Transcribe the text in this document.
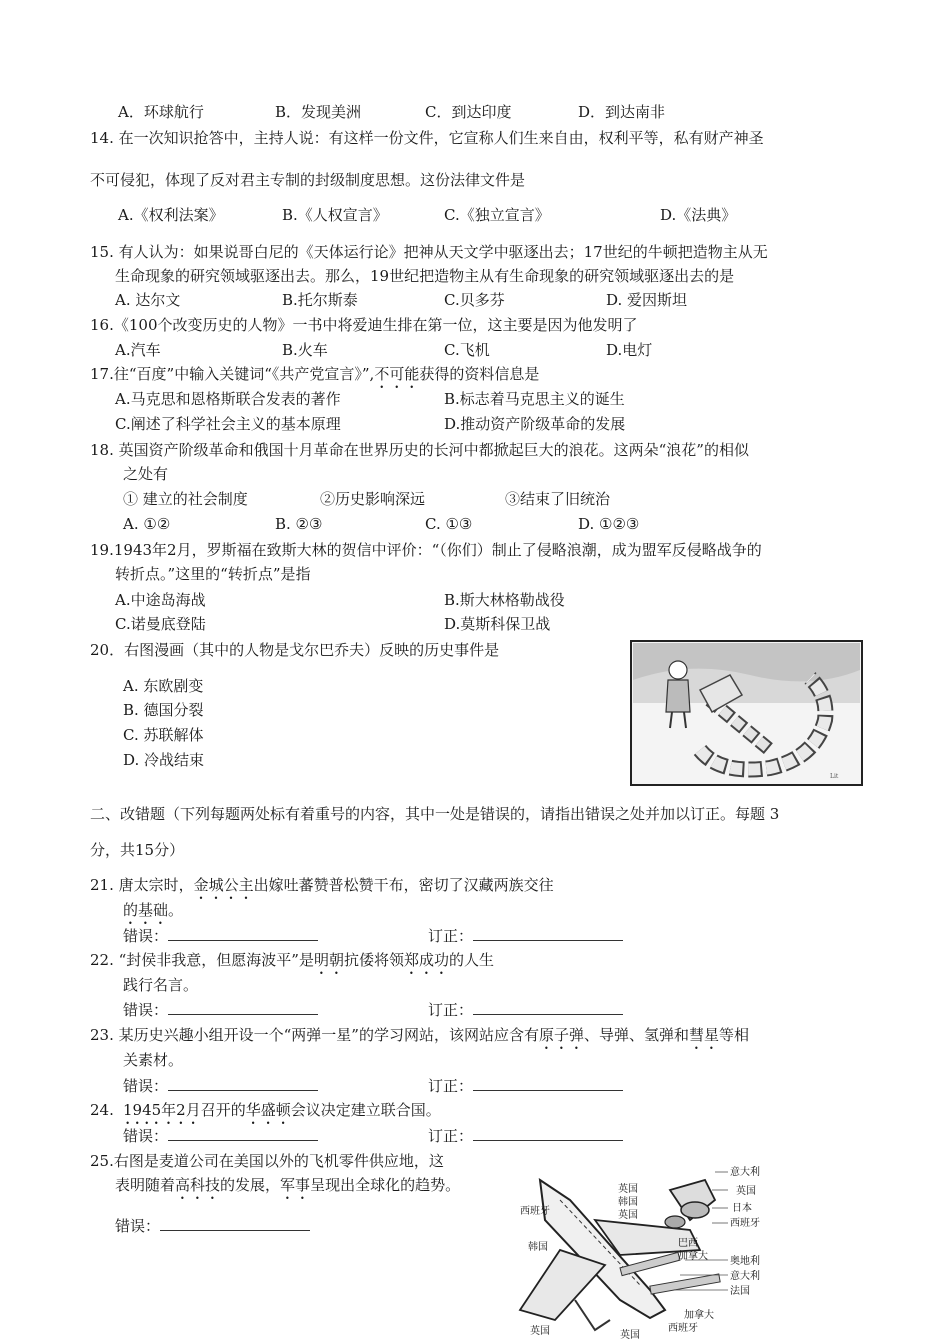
A．环球航行	B．发现美洲	C．到达印度	D．到达南非
14. 在一次知识抢答中，主持人说：有这样一份文件，它宣称人们生来自由，权利平等，私有财产神圣
不可侵犯，体现了反对君主专制的封级制度思想。这份法律文件是
A.《权利法案》	B.《人权宣言》	C.《独立宣言》	D.《法典》
15. 有人认为：如果说哥白尼的《天体运行论》把神从天文学中驱逐出去；17世纪的牛顿把造物主从无
生命现象的研究领域驱逐出去。那么，19世纪把造物主从有生命现象的研究领域驱逐出去的是
A. 达尔文	B.托尔斯泰	C.贝多芬	D. 爱因斯坦
16.《100个改变历史的人物》一书中将爱迪生排在第一位，这主要是因为他发明了
A.汽车	B.火车	C.飞机	D.电灯
17.往“百度”中输入关键词“《共产党宣言》”,不可能获得的资料信息是
A.马克思和恩格斯联合发表的著作	B.标志着马克思主义的诞生
C.阐述了科学社会主义的基本原理	D.推动资产阶级革命的发展
18. 英国资产阶级革命和俄国十月革命在世界历史的长河中都掀起巨大的浪花。这两朵“浪花”的相似
之处有
① 建立的社会制度	②历史影响深远	③结束了旧统治
A. ①②	B. ②③	C. ①③	D. ①②③
19.1943年2月，罗斯福在致斯大林的贺信中评价：“（你们）制止了侵略浪潮，成为盟军反侵略战争的
转折点。”这里的“转折点”是指
A.中途岛海战	B.斯大林格勒战役
C.诺曼底登陆	D.莫斯科保卫战
20．右图漫画（其中的人物是戈尔巴乔夫）反映的历史事件是
A. 东欧剧变
B. 德国分裂
C. 苏联解体
D. 冷战结束
Lit
二、改错题（下列每题两处标有着重号的内容，其中一处是错误的，请指出错误之处并加以订正。每题 3
分，共15分）
21. 唐太宗时，金城公主出嫁吐蕃赞普松赞干布，密切了汉藏两族交往
的基础。
错误：	订正：
22. “封侯非我意，但愿海波平”是明朝抗倭将领郑成功的人生
践行名言。
错误：	订正：
23. 某历史兴趣小组开设一个“两弹一星”的学习网站，该网站应含有原子弹、导弹、氢弹和彗星等相
关素材。
错误：	订正：
24. 1945年2月召开的华盛顿会议决定建立联合国。
错误：	订正：
25.右图是麦道公司在美国以外的飞机零件供应地，这
表明随着高科技的发展，军事呈现出全球化的趋势。
错误：
意大利
英国
日本
西班牙
英国
韩国
英国
西班牙
韩国	巴西
加拿大 奥地利
意大利
法国
加拿大
西班牙
英国	英国
